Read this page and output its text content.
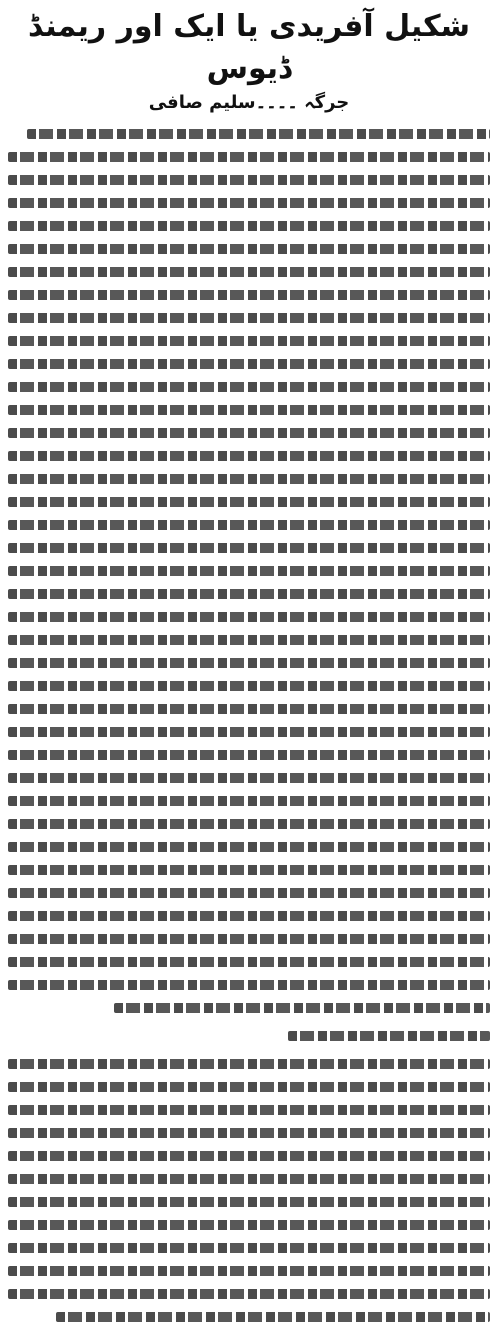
شکیل آفریدی یا ایک اور ریمنڈ ڈیوس
جرگہ ۔۔۔۔سلیم صافی
